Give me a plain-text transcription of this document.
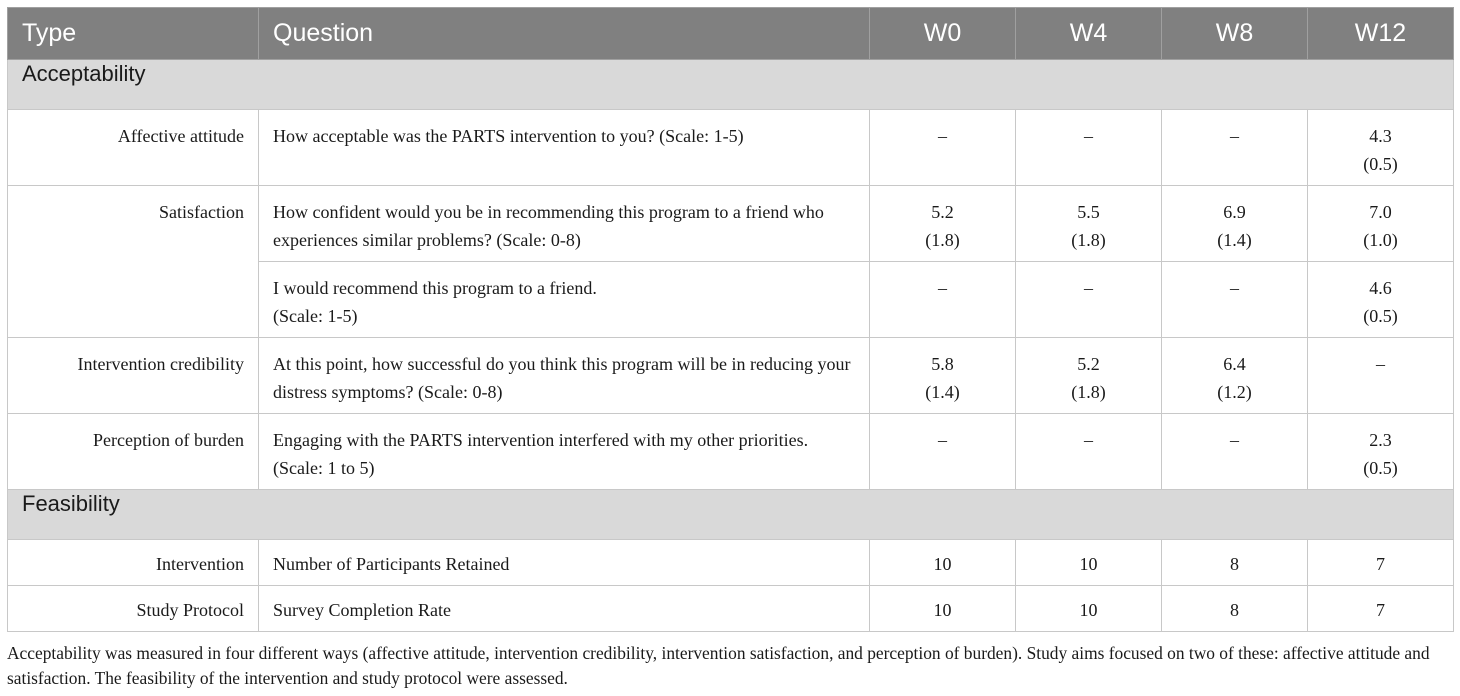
Type	Question	W0	W4	W8	W12
Acceptability					
Affective attitude	How acceptable was the PARTS intervention to you? (Scale: 1-5)	–	–	–	4.3
(0.5)
Satisfaction	How confident would you be in recommending this program to a friend who experiences similar problems? (Scale: 0-8)	5.2
(1.8)	5.5
(1.8)	6.9
(1.4)	7.0
(1.0)
	I would recommend this program to a friend.
(Scale: 1-5)	–	–	–	4.6
(0.5)
Intervention credibility	At this point, how successful do you think this program will be in reducing your distress symptoms? (Scale: 0-8)	5.8
(1.4)	5.2
(1.8)	6.4
(1.2)	–
Perception of burden	Engaging with the PARTS intervention interfered with my other priorities. (Scale: 1 to 5)	–	–	–	2.3
(0.5)
Feasibility					
Intervention	Number of Participants Retained	10	10	8	7
Study Protocol	Survey Completion Rate	10	10	8	7
Acceptability was measured in four different ways (affective attitude, intervention credibility, intervention satisfaction, and perception of burden). Study aims focused on two of these: affective attitude and satisfaction. The feasibility of the intervention and study protocol were assessed.
